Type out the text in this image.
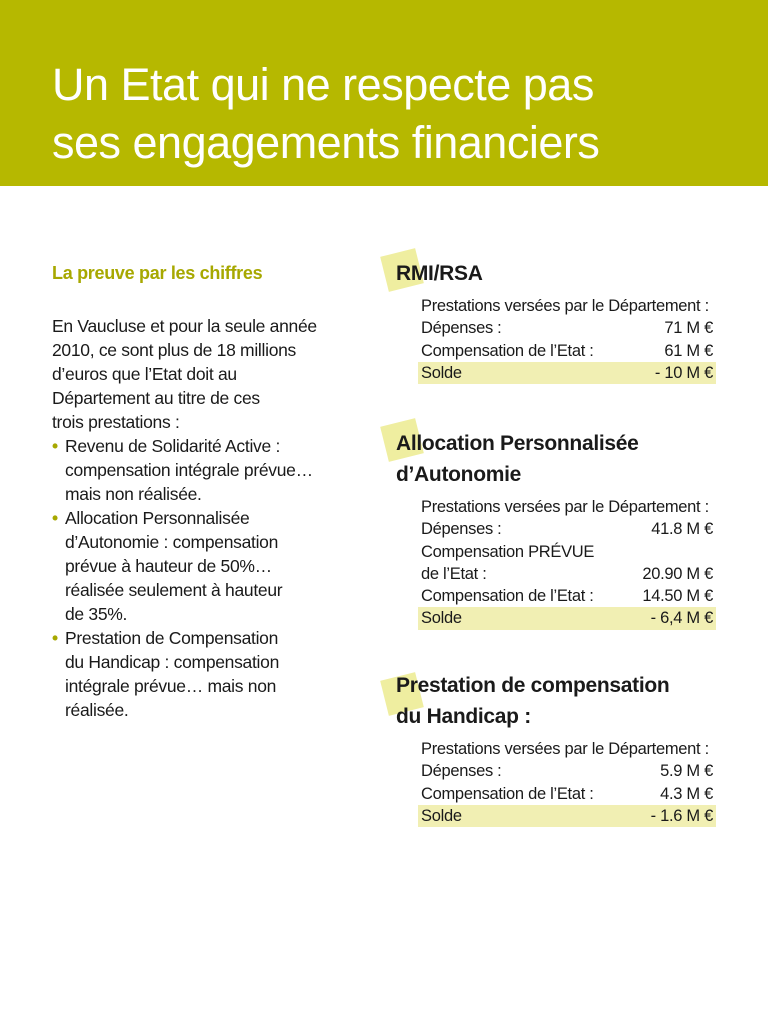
Un Etat qui ne respecte pas
ses engagements financiers
La preuve par les chiffres

En Vaucluse et pour la seule année
2010, ce sont plus de 18 millions
d’euros que l’Etat doit au
Département au titre de ces
trois prestations :

• Revenu de Solidarité Active :
compensation intégrale prévue…
mais non réalisée.
• Allocation Personnalisée
d’Autonomie : compensation
prévue à hauteur de 50%…
réalisée seulement à hauteur
de 35%.
• Prestation de Compensation
du Handicap : compensation
intégrale prévue… mais non
réalisée.
RMI/RSA
Prestations versées par le Département :
Dépenses :	71 M €
Compensation de l’Etat :	61 M €
Solde	- 10 M €
Allocation Personnalisée
d’Autonomie
Prestations versées par le Département :
Dépenses :	41.8 M €
Compensation PRÉVUE
de l’Etat :	20.90 M €
Compensation de l’Etat :	14.50 M €
Solde	- 6,4 M €
Prestation de compensation
du Handicap :
Prestations versées par le Département :
Dépenses :	5.9 M €
Compensation de l’Etat :	4.3 M €
Solde	- 1.6 M €
